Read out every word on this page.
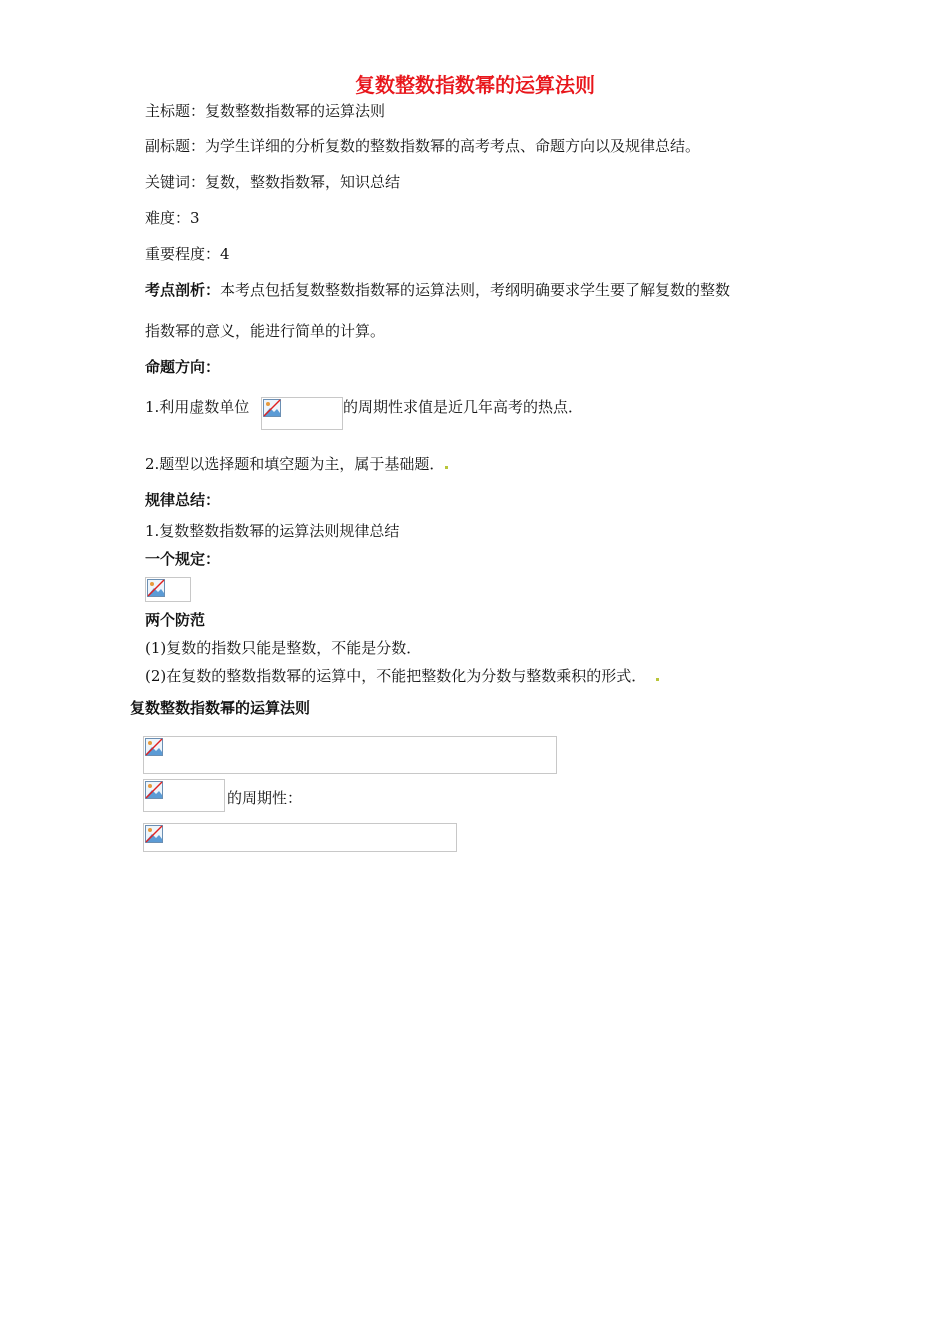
复数整数指数幂的运算法则
主标题：复数整数指数幂的运算法则
副标题：为学生详细的分析复数的整数指数幂的高考考点、命题方向以及规律总结。
关键词：复数，整数指数幂，知识总结
难度：3
重要程度：4
考点剖析：本考点包括复数整数指数幂的运算法则，考纲明确要求学生要了解复数的整数
指数幂的意义，能进行简单的计算。
命题方向：
1.利用虚数单位	的周期性求值是近几年高考的热点．
2.题型以选择题和填空题为主，属于基础题．
规律总结：
1.复数整数指数幂的运算法则规律总结
一个规定：
两个防范
(1)复数的指数只能是整数，不能是分数．
(2)在复数的整数指数幂的运算中，不能把整数化为分数与整数乘积的形式．
复数整数指数幂的运算法则
的周期性：
